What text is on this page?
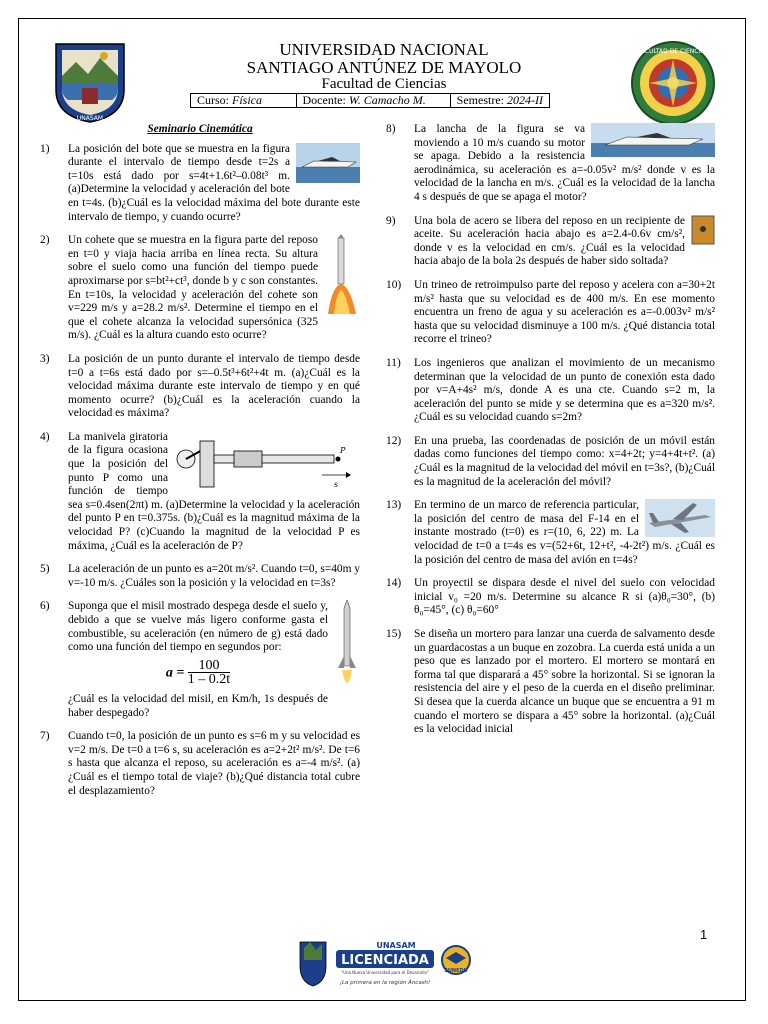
UNASAM
FACULTAD DE CIENCIAS
UNIVERSIDAD NACIONAL
SANTIAGO ANTÚNEZ DE MAYOLO
Facultad de Ciencias
Curso: Física	Docente: W. Camacho M.	Semestre: 2024-II
Seminario Cinemática
1)	La posición del bote que se muestra en la figura durante el intervalo de tiempo desde t=2s a t=10s está dado por s=4t+1.6t²–0.08t³ m. (a)Determine la velocidad y aceleración del bote en t=4s. (b)¿Cuál es la velocidad máxima del bote durante este intervalo de tiempo, y cuando ocurre?
2)	Un cohete que se muestra en la figura parte del reposo en t=0 y viaja hacia arriba en línea recta. Su altura sobre el suelo como una función del tiempo puede aproximarse por s=bt²+ct³, donde b y c son constantes. En t=10s, la velocidad y aceleración del cohete son v=229 m/s y a=28.2 m/s². Determine el tiempo en el que el cohete alcanza la velocidad supersónica (325 m/s). ¿Cuál es la altura cuando esto ocurre?
3)	La posición de un punto durante el intervalo de tiempo desde t=0 a t=6s está dado por s=–0.5t³+6t²+4t m. (a)¿Cuál es la velocidad máxima durante este intervalo de tiempo y en qué momento ocurre? (b)¿Cuál es la aceleración cuando la velocidad es máxima?
4)
P
s
La manivela giratoria de la figura ocasiona que la posición del punto P como una función de tiempo sea s=0.4sen(2πt) m. (a)Determine la velocidad y la aceleración del punto P en t=0.375s. (b)¿Cuál es la magnitud máxima de la velocidad P? (c)Cuando la magnitud de la velocidad P es máxima, ¿Cuál es la aceleración de P?
5)	La aceleración de un punto es a=20t m/s². Cuando t=0, s=40m y v=-10 m/s. ¿Cuáles son la posición y la velocidad en t=3s?
6)	Suponga que el misil mostrado despega desde el suelo y, debido a que se vuelve más ligero conforme gasta el combustible, su aceleración (en número de g) está dado como una función del tiempo en segundos por:
$a = \frac{100}{1 - 0.2t}$
¿Cuál es la velocidad del misil, en Km/h, 1s después de haber despegado?
7)	Cuando t=0, la posición de un punto es s=6 m y su velocidad es v=2 m/s. De t=0 a t=6 s, su aceleración es a=2+2t² m/s². De t=6 s hasta que alcanza el reposo, su aceleración es a=-4 m/s². (a)¿Cuál es el tiempo total de viaje? (b)¿Qué distancia total cubre el desplazamiento?
8)	La lancha de la figura se va moviendo a 10 m/s cuando su motor se apaga. Debido a la resistencia aerodinámica, su aceleración es a=-0.05v² m/s² donde v es la velocidad de la lancha en m/s. ¿Cuál es la velocidad de la lancha 4 s después de que se apaga el motor?
9)	Una bola de acero se libera del reposo en un recipiente de aceite. Su aceleración hacia abajo es a=2.4-0.6v cm/s², donde v es la velocidad en cm/s. ¿Cuál es la velocidad hacia abajo de la bola 2s después de haber sido soltada?
10)	Un trineo de retroimpulso parte del reposo y acelera con a=30+2t m/s² hasta que su velocidad es de 400 m/s. En ese momento encuentra un freno de agua y su aceleración es a=-0.003v² m/s² hasta que su velocidad disminuye a 100 m/s. ¿Qué distancia total recorre el trineo?
11)	Los ingenieros que analizan el movimiento de un mecanismo determinan que la velocidad de un punto de conexión esta dado por v=A+4s² m/s, donde A es una cte. Cuando s=2 m, la aceleración del punto se mide y se determina que es a=320 m/s². ¿Cuál es su velocidad cuando s=2m?
12)	En una prueba, las coordenadas de posición de un móvil están dadas como funciones del tiempo como: x=4+2t; y=4+4t+t². (a)¿Cuál es la magnitud de la velocidad del móvil en t=3s?, (b)¿Cuál es la magnitud de la aceleración del móvil?
13)	En termino de un marco de referencia particular, la posición del centro de masa del F-14 en el instante mostrado (t=0) es r=(10, 6, 22) m. La velocidad de t=0 a t=4s es v=(52+6t, 12+t², -4-2t²) m/s. ¿Cuál es la posición del centro de masa del avión en t=4s?
14)	Un proyectil se dispara desde el nivel del suelo con velocidad inicial v₀ =20 m/s. Determine su alcance R si (a)θ₀=30°, (b) θ₀=45°, (c) θ₀=60°
15)	Se diseña un mortero para lanzar una cuerda de salvamento desde un guardacostas a un buque en zozobra. La cuerda está unida a un peso que es lanzado por el mortero. El mortero se montará en forma tal que disparará a 45° sobre la horizontal. Si se ignoran la resistencia del aire y el peso de la cuerda en el diseño preliminar. Si desea que la cuerda alcance un buque que se encuentra a 91 m cuando el mortero se dispara a 45° sobre la horizontal. (a)¿Cuál es la velocidad inicial
1
UNASAM
LICENCIADA
"Una Nueva Universidad para el Desarrollo"
¡La primera en la región Áncash!
SUNEDU
